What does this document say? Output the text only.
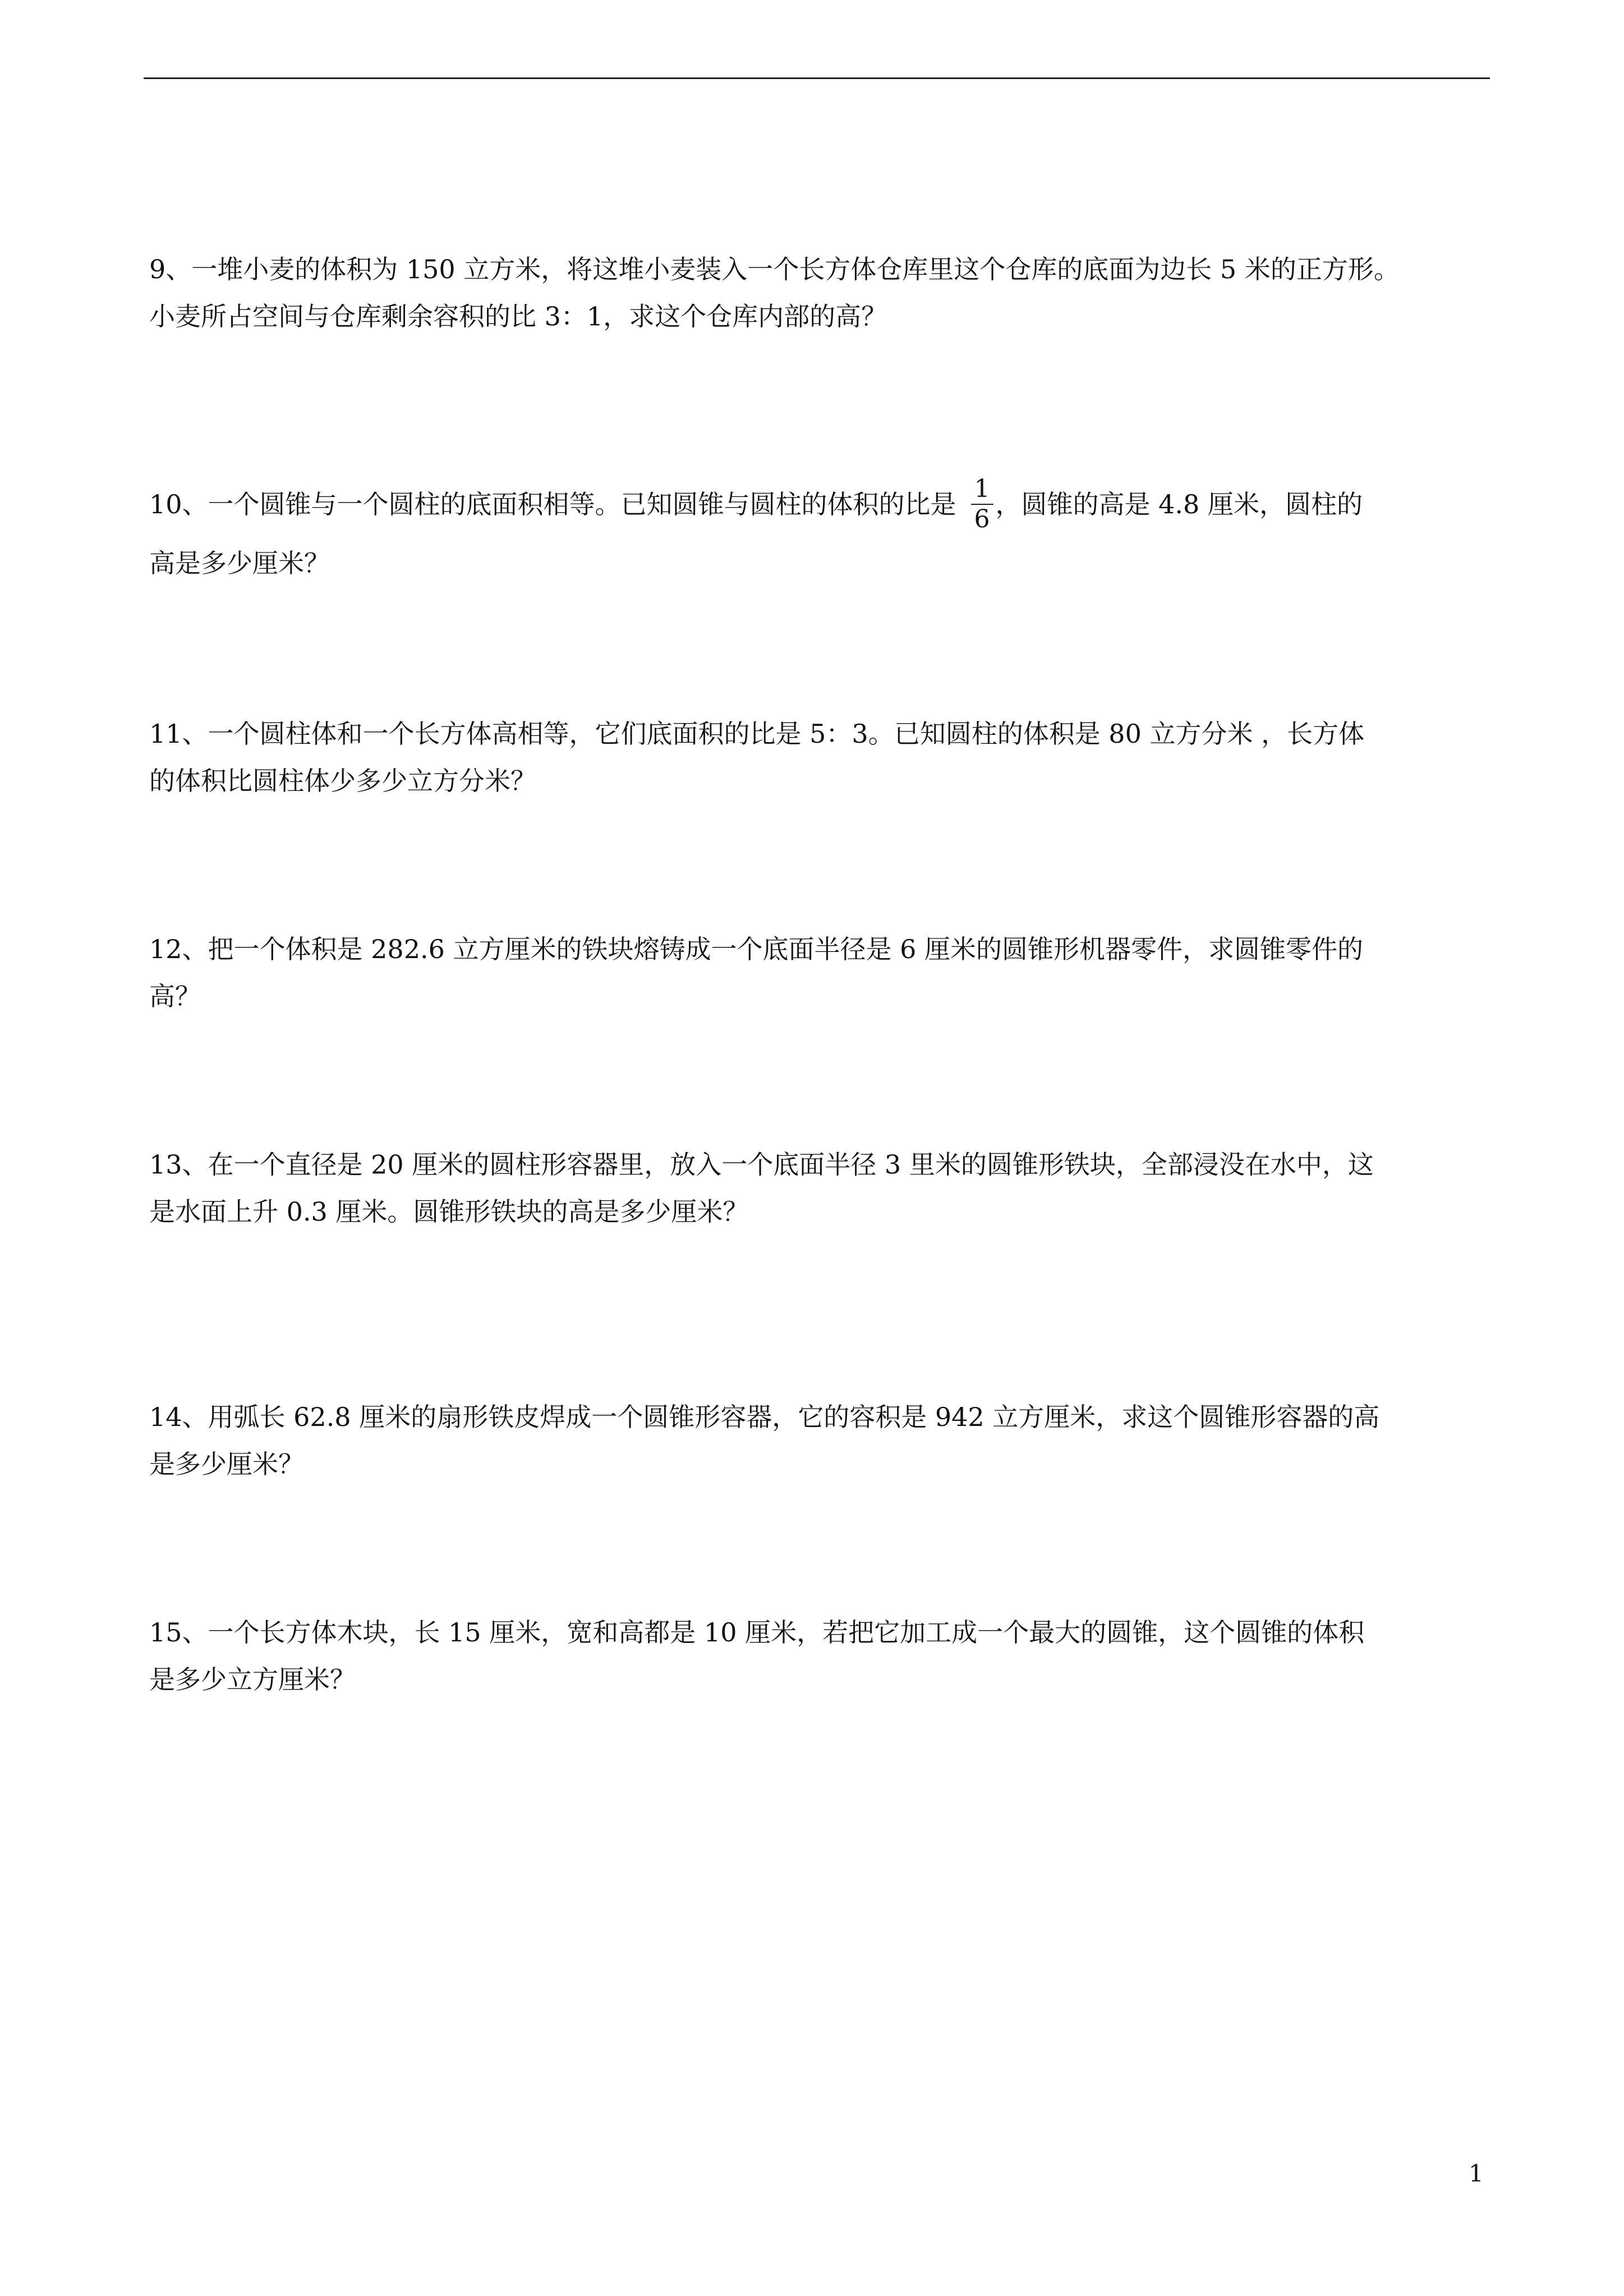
9、一堆小麦的体积为 150 立方米，将这堆小麦装入一个长方体仓库里这个仓库的底面为边长 5 米的正方形。
小麦所占空间与仓库剩余容积的比 3：1，求这个仓库内部的高？
10、一个圆锥与一个圆柱的底面积相等。已知圆锥与圆柱的体积的比是 $\frac{1}{6}$ ，圆锥的高是 4.8 厘米，圆柱的
高是多少厘米？
11、一个圆柱体和一个长方体高相等，它们底面积的比是 5：3。已知圆柱的体积是 80 立方分米 ，长方体
的体积比圆柱体少多少立方分米？
12、把一个体积是 282.6 立方厘米的铁块熔铸成一个底面半径是 6 厘米的圆锥形机器零件，求圆锥零件的
高？
13、在一个直径是 20 厘米的圆柱形容器里，放入一个底面半径 3 里米的圆锥形铁块，全部浸没在水中，这
是水面上升 0.3 厘米。圆锥形铁块的高是多少厘米？
14、用弧长 62.8 厘米的扇形铁皮焊成一个圆锥形容器，它的容积是 942 立方厘米，求这个圆锥形容器的高
是多少厘米？
15、一个长方体木块，长 15 厘米，宽和高都是 10 厘米，若把它加工成一个最大的圆锥，这个圆锥的体积
是多少立方厘米？
1
